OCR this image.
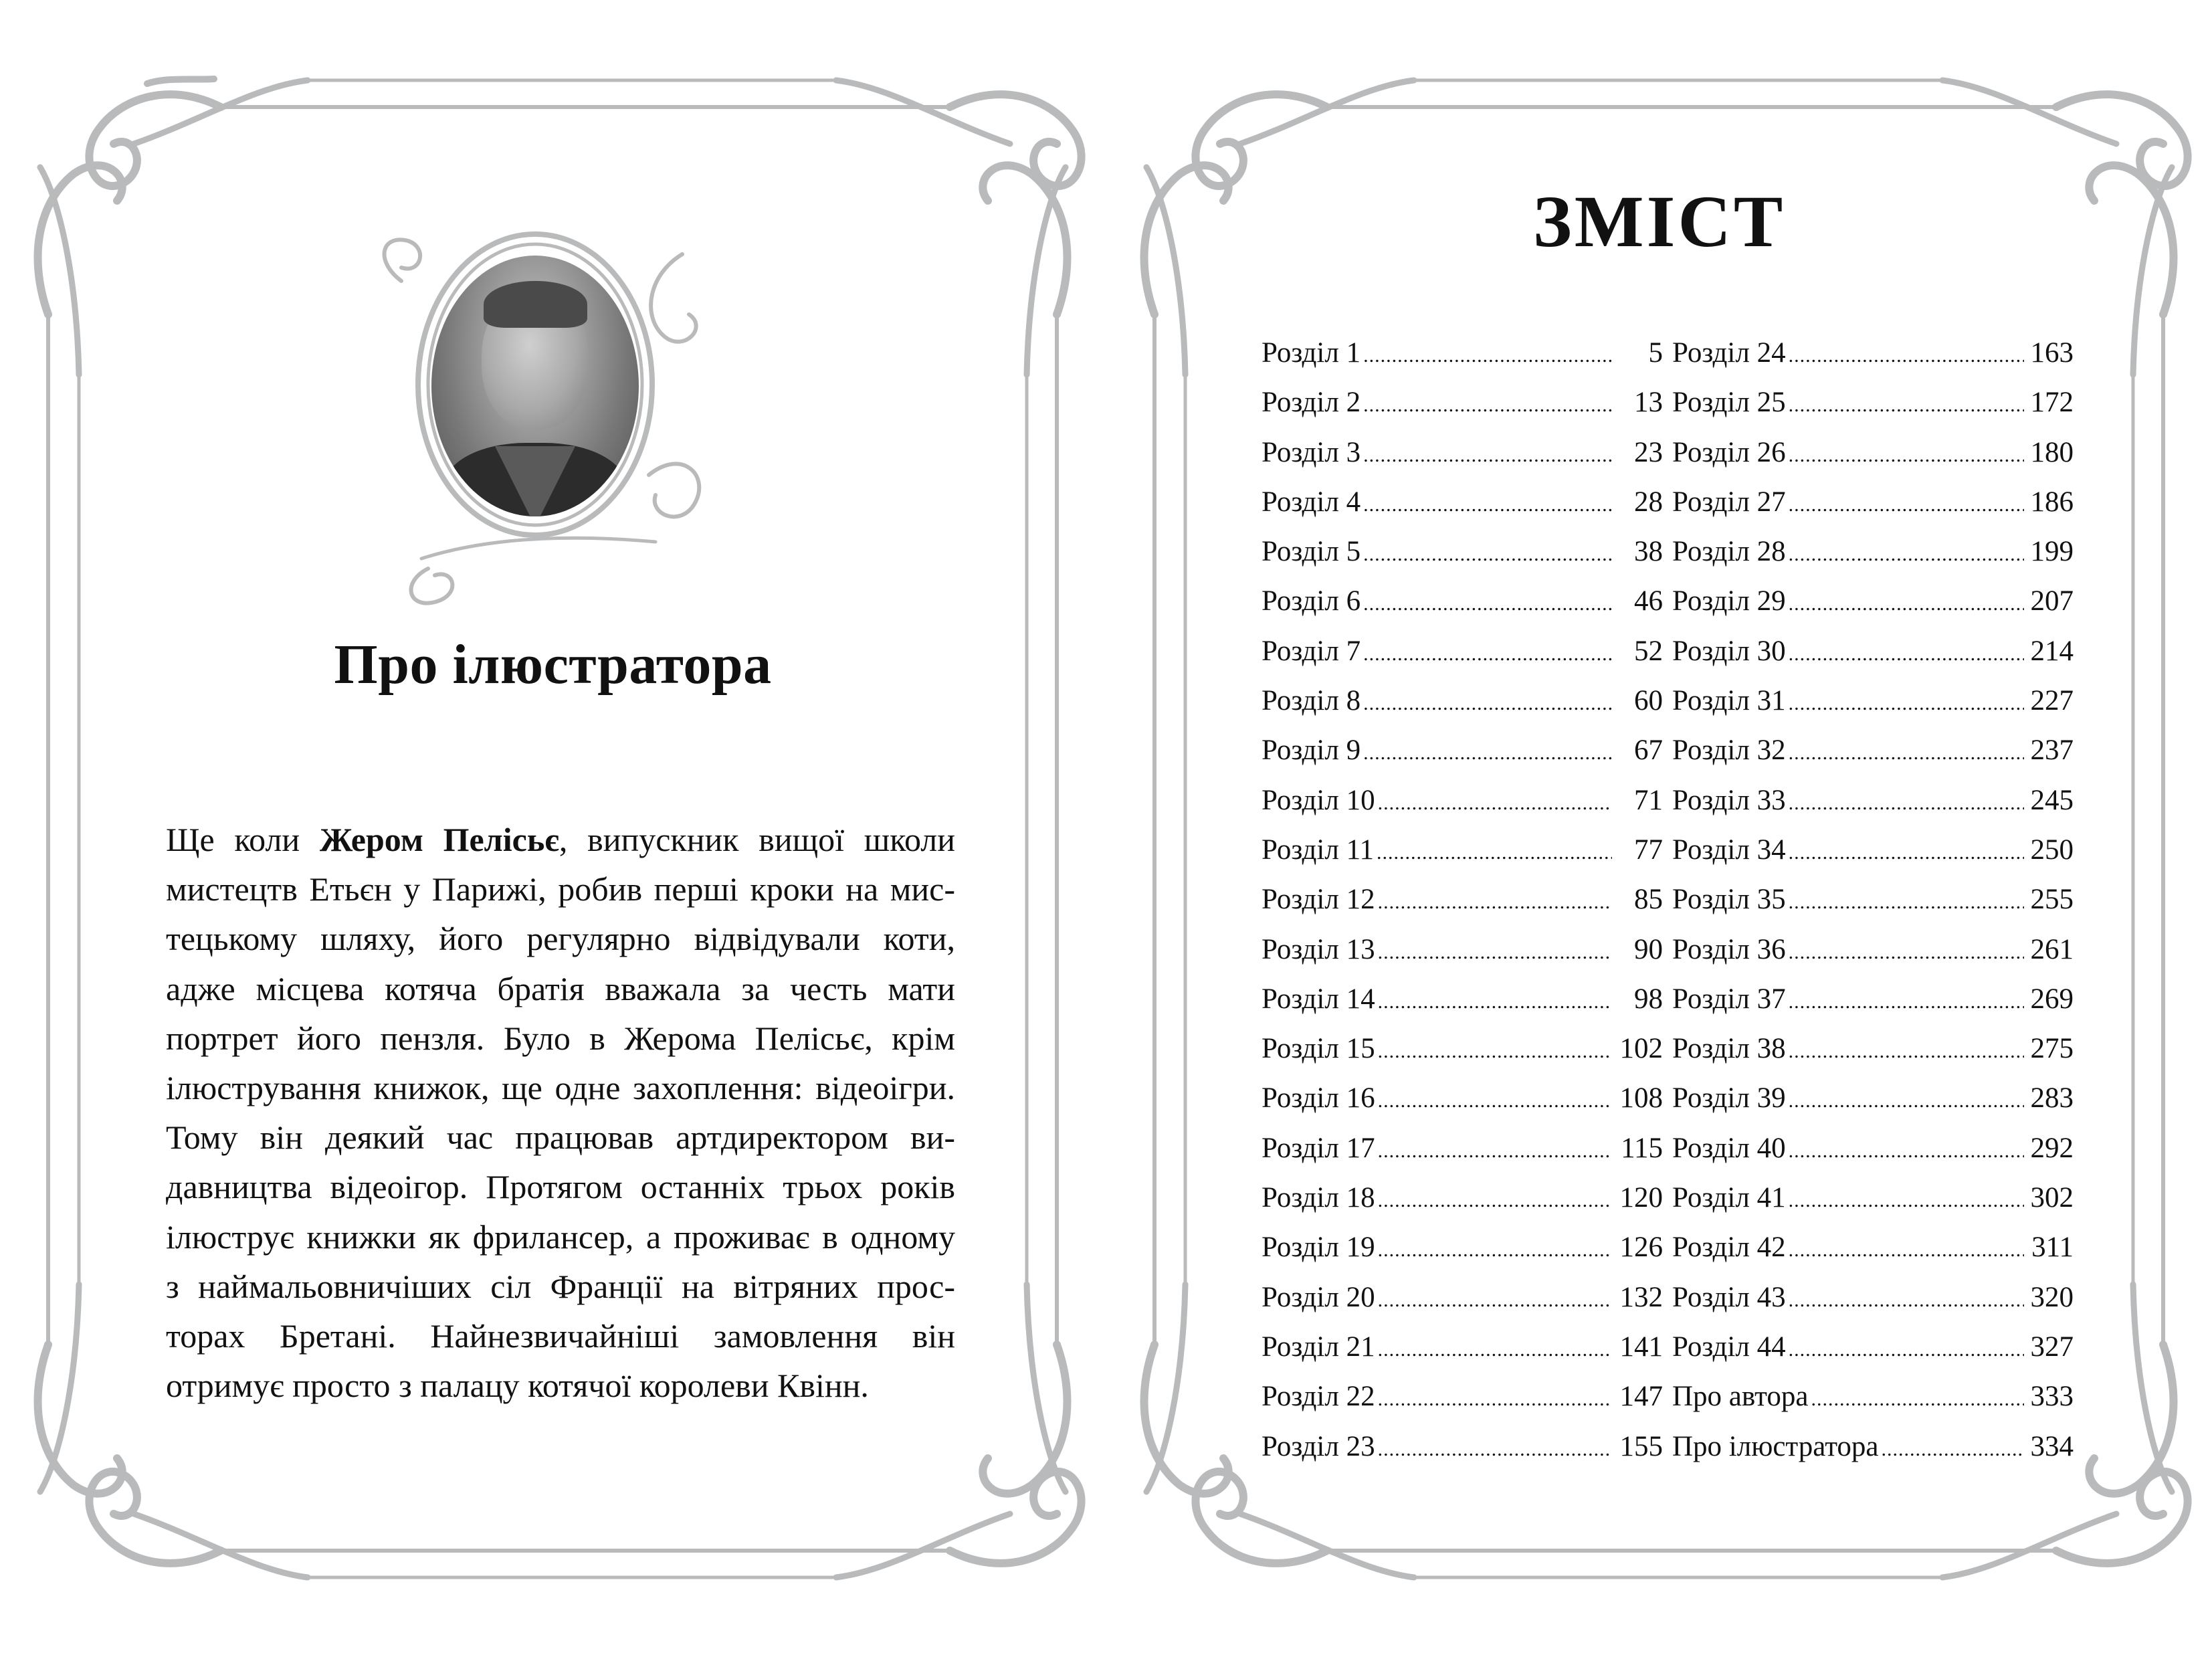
Про ілюстратора
Ще коли Жером Пелісьє, випускник вищої школи
мистецтв Етьєн у Парижі, робив перші кроки на мис-
тецькому шляху, його регулярно відвідували коти,
адже місцева котяча братія вважала за честь мати
портрет його пензля. Було в Жерома Пелісьє, крім
ілюстрування книжок, ще одне захоплення: відеоігри.
Тому він деякий час працював артдиректором ви-
давництва відеоігор. Протягом останніх трьох років
ілюструє книжки як фрилансер, а проживає в одному
з наймальовничіших сіл Франції на вітряних прос-
торах Бретані. Найнезвичайніші замовлення він
отримує просто з палацу котячої королеви Квінн.
ЗМІСТ
Розділ 1 .....	5
Розділ 2 .....	13
Розділ 3 .....	23
Розділ 4 .....	28
Розділ 5 .....	38
Розділ 6 .....	46
Розділ 7 .....	52
Розділ 8 .....	60
Розділ 9 .....	67
Розділ 10 .....	71
Розділ 11 .....	77
Розділ 12 .....	85
Розділ 13 .....	90
Розділ 14 .....	98
Розділ 15 .....	102
Розділ 16 .....	108
Розділ 17 .....	115
Розділ 18 .....	120
Розділ 19 .....	126
Розділ 20 .....	132
Розділ 21 .....	141
Розділ 22 .....	147
Розділ 23 .....	155
Розділ 24 .....	163
Розділ 25 .....	172
Розділ 26 .....	180
Розділ 27 .....	186
Розділ 28 .....	199
Розділ 29 .....	207
Розділ 30 .....	214
Розділ 31 .....	227
Розділ 32 .....	237
Розділ 33 .....	245
Розділ 34 .....	250
Розділ 35 .....	255
Розділ 36 .....	261
Розділ 37 .....	269
Розділ 38 .....	275
Розділ 39 .....	283
Розділ 40 .....	292
Розділ 41 .....	302
Розділ 42 .....	311
Розділ 43 .....	320
Розділ 44 .....	327
Про автора .....	333
Про ілюстратора .....	334
